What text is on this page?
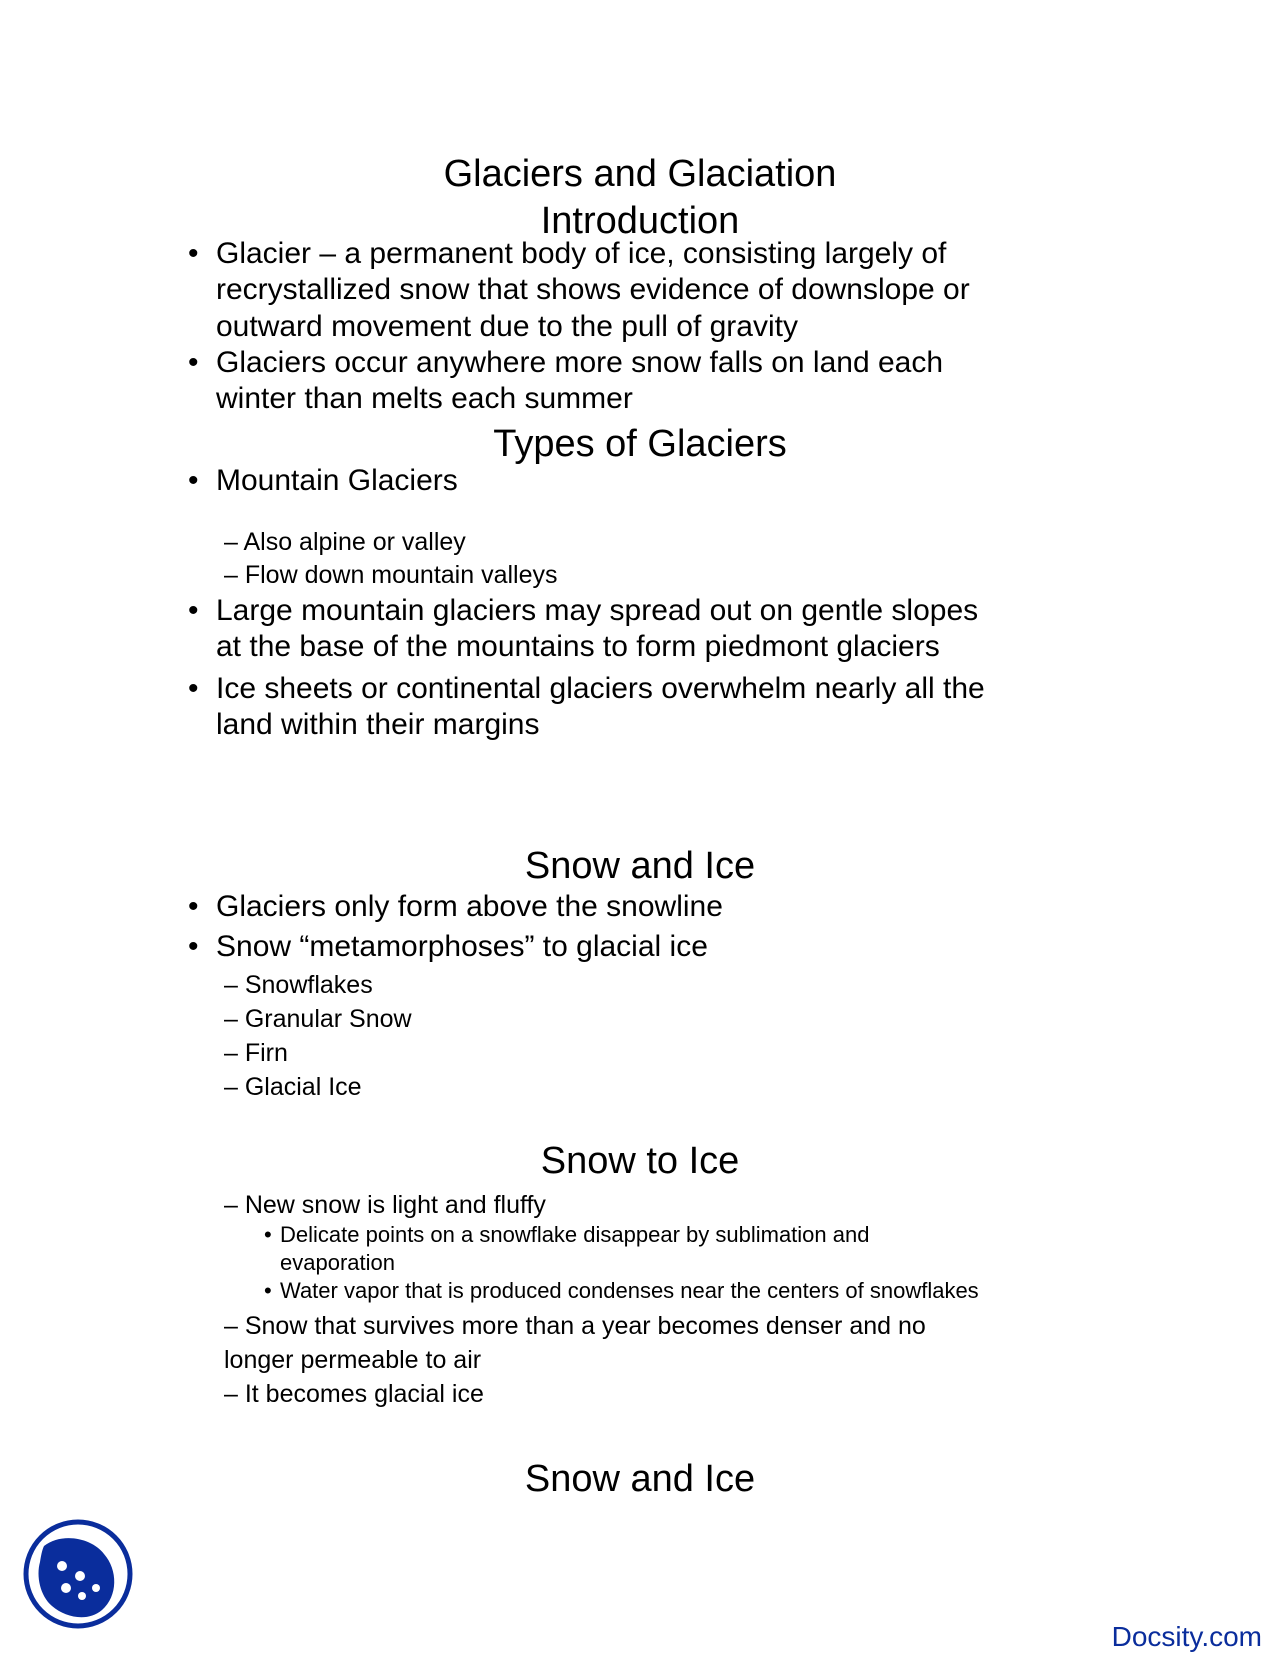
Glaciers and Glaciation
Introduction
• Glacier – a permanent body of ice, consisting largely of
recrystallized snow that shows evidence of downslope or
outward movement due to the pull of gravity
• Glaciers occur anywhere more snow falls on land each
winter than melts each summer
Types of Glaciers
• Mountain Glaciers
– Also alpine or valley
– Flow down mountain valleys
• Large mountain glaciers may spread out on gentle slopes
at the base of the mountains to form piedmont glaciers
• Ice sheets or continental glaciers overwhelm nearly all the
land within their margins
Snow and Ice
• Glaciers only form above the snowline
• Snow “metamorphoses” to glacial ice
– Snowflakes
– Granular Snow
– Firn
– Glacial Ice
Snow to Ice
– New snow is light and fluffy
• Delicate points on a snowflake disappear by sublimation and
evaporation
• Water vapor that is produced condenses near the centers of snowflakes
– Snow that survives more than a year becomes denser and no
longer permeable to air
– It becomes glacial ice
Snow and Ice
Docsity.com
